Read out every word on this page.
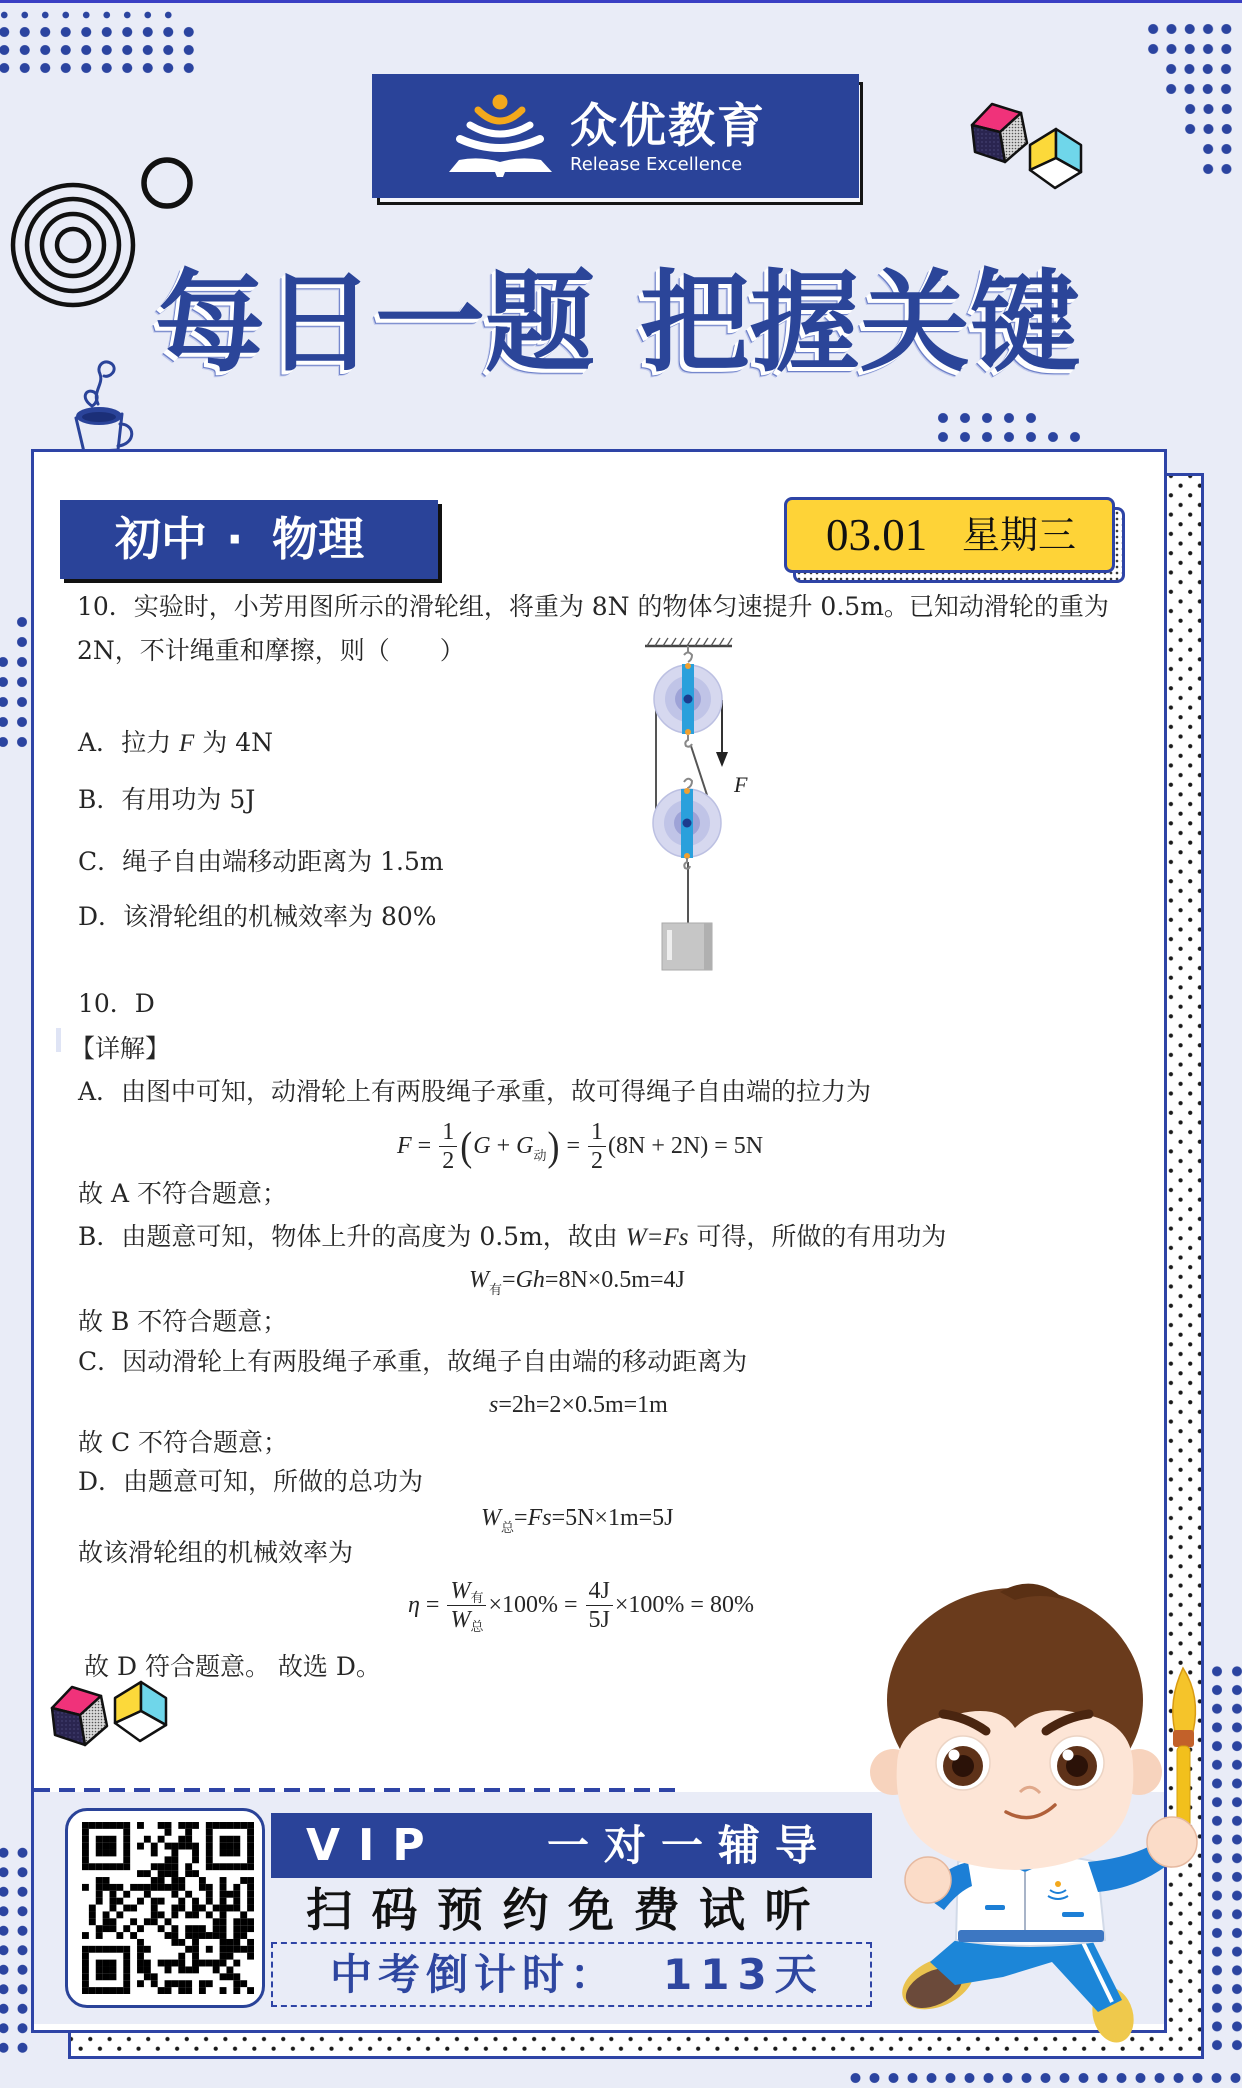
众优教育
Release Excellence
每日一题 把握关键
初中 · 物理	03.01 星期三
10．实验时，小芳用图所示的滑轮组，将重为 8N 的物体匀速提升 0.5m。已知动滑轮的重为
2N，不计绳重和摩擦，则（　　）
A．拉力 F 为 4N
B．有用功为 5J
C．绳子自由端移动距离为 1.5m
D．该滑轮组的机械效率为 80%
F
10．D
【详解】
A．由图中可知，动滑轮上有两股绳子承重，故可得绳子自由端的拉力为
$F = \frac{1}{2}$ ( G + G 动 ) = $\frac{1}{2} (8N + 2N) = 5N$
故 A 不符合题意；
B．由题意可知，物体上升的高度为 0.5m，故由 W=Fs 可得，所做的有用功为
W 有 = Gh =8N×0.5m=4J
故 B 不符合题意；
C．因动滑轮上有两股绳子承重，故绳子自由端的移动距离为
s =2h=2×0.5m=1m
故 C 不符合题意；
D．由题意可知，所做的总功为
W 总 = Fs =5N×1m=5J
故该滑轮组的机械效率为
$\eta = \frac{\text{W有}}{\text{W总}} \times 100\% = \frac{4J}{5J} \times 100\% = 80\%$
故 D 符合题意。 故选 D。
VIP 一对一辅导
扫码预约免费试听
中考倒计时： 113天
